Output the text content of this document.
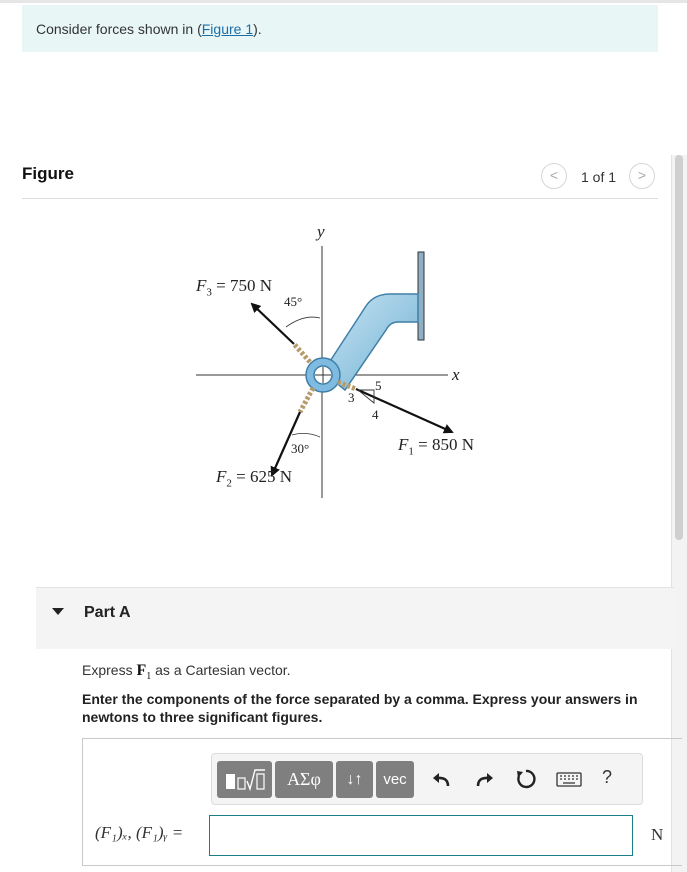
Consider forces shown in (Figure 1).
Figure	<	1 of 1	>
y
x
$F_3 = 750$ N
45°
30°
$F_2 = 625$ N
$F_1 = 850$ N
5
3
4
Part A
Express $F_1$ as a Cartesian vector.
Enter the components of the force separated by a comma. Express your answers in newtons to three significant figures.
ΑΣφ	↓↑	vec	?
(F₁)ₓ, (F₁)ᵧ =	N
